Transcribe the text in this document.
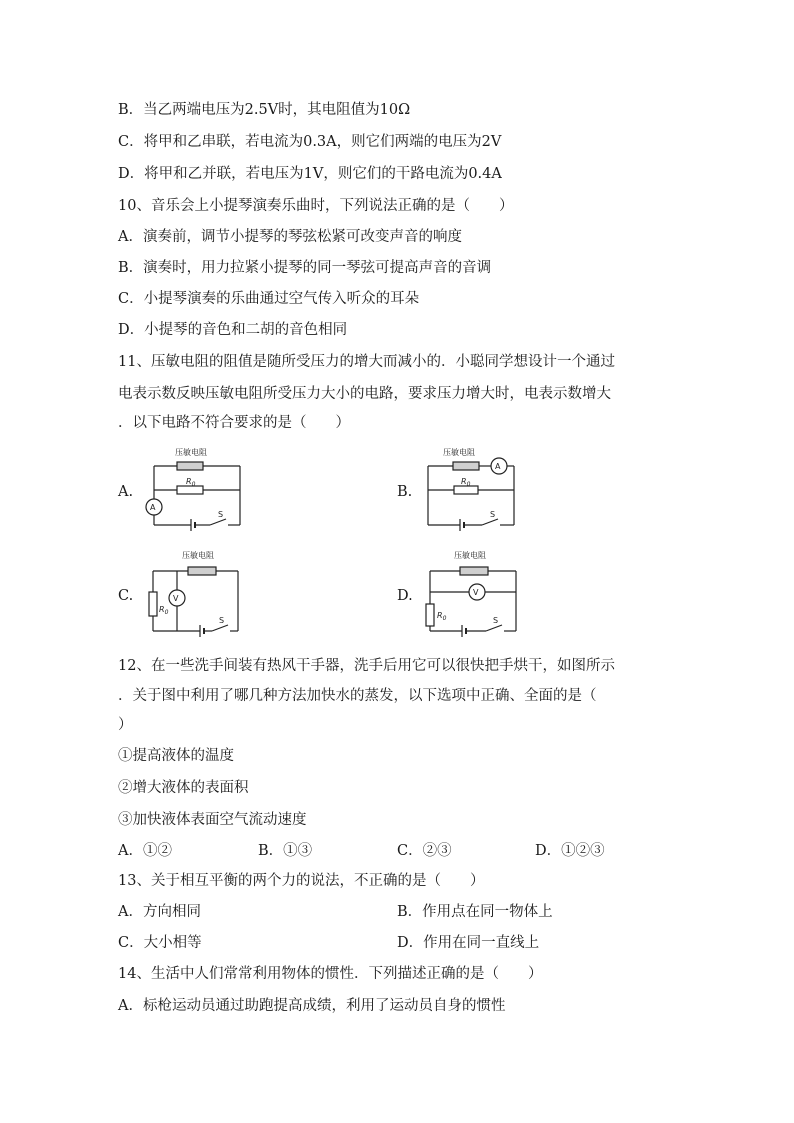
B．当乙两端电压为2.5V时，其电阻值为10Ω
C．将甲和乙串联，若电流为0.3A，则它们两端的电压为2V
D．将甲和乙并联，若电压为1V，则它们的干路电流为0.4A
10、音乐会上小提琴演奏乐曲时，下列说法正确的是（　　）
A．演奏前，调节小提琴的琴弦松紧可改变声音的响度
B．演奏时，用力拉紧小提琴的同一琴弦可提高声音的音调
C．小提琴演奏的乐曲通过空气传入听众的耳朵
D．小提琴的音色和二胡的音色相同
11、压敏电阻的阻值是随所受压力的增大而减小的．小聪同学想设计一个通过
电表示数反映压敏电阻所受压力大小的电路，要求压力增大时，电表示数增大
．以下电路不符合要求的是（　　）
A.
压敏电阻
$R_0$
A
S
B.
压敏电阻
A
$R_0$
S
C.
压敏电阻
V
$R_0$
S
D.
压敏电阻
V
$R_0$	S
12、在一些洗手间装有热风干手器，洗手后用它可以很快把手烘干，如图所示
．关于图中利用了哪几种方法加快水的蒸发，以下选项中正确、全面的是（
）
①提高液体的温度
②增大液体的表面积
③加快液体表面空气流动速度
A．①②	B．①③	C．②③	D．①②③
13、关于相互平衡的两个力的说法，不正确的是（　　）
A．方向相同	B．作用点在同一物体上
C．大小相等	D．作用在同一直线上
14、生活中人们常常利用物体的惯性．下列描述正确的是（　　）
A．标枪运动员通过助跑提高成绩，利用了运动员自身的惯性
